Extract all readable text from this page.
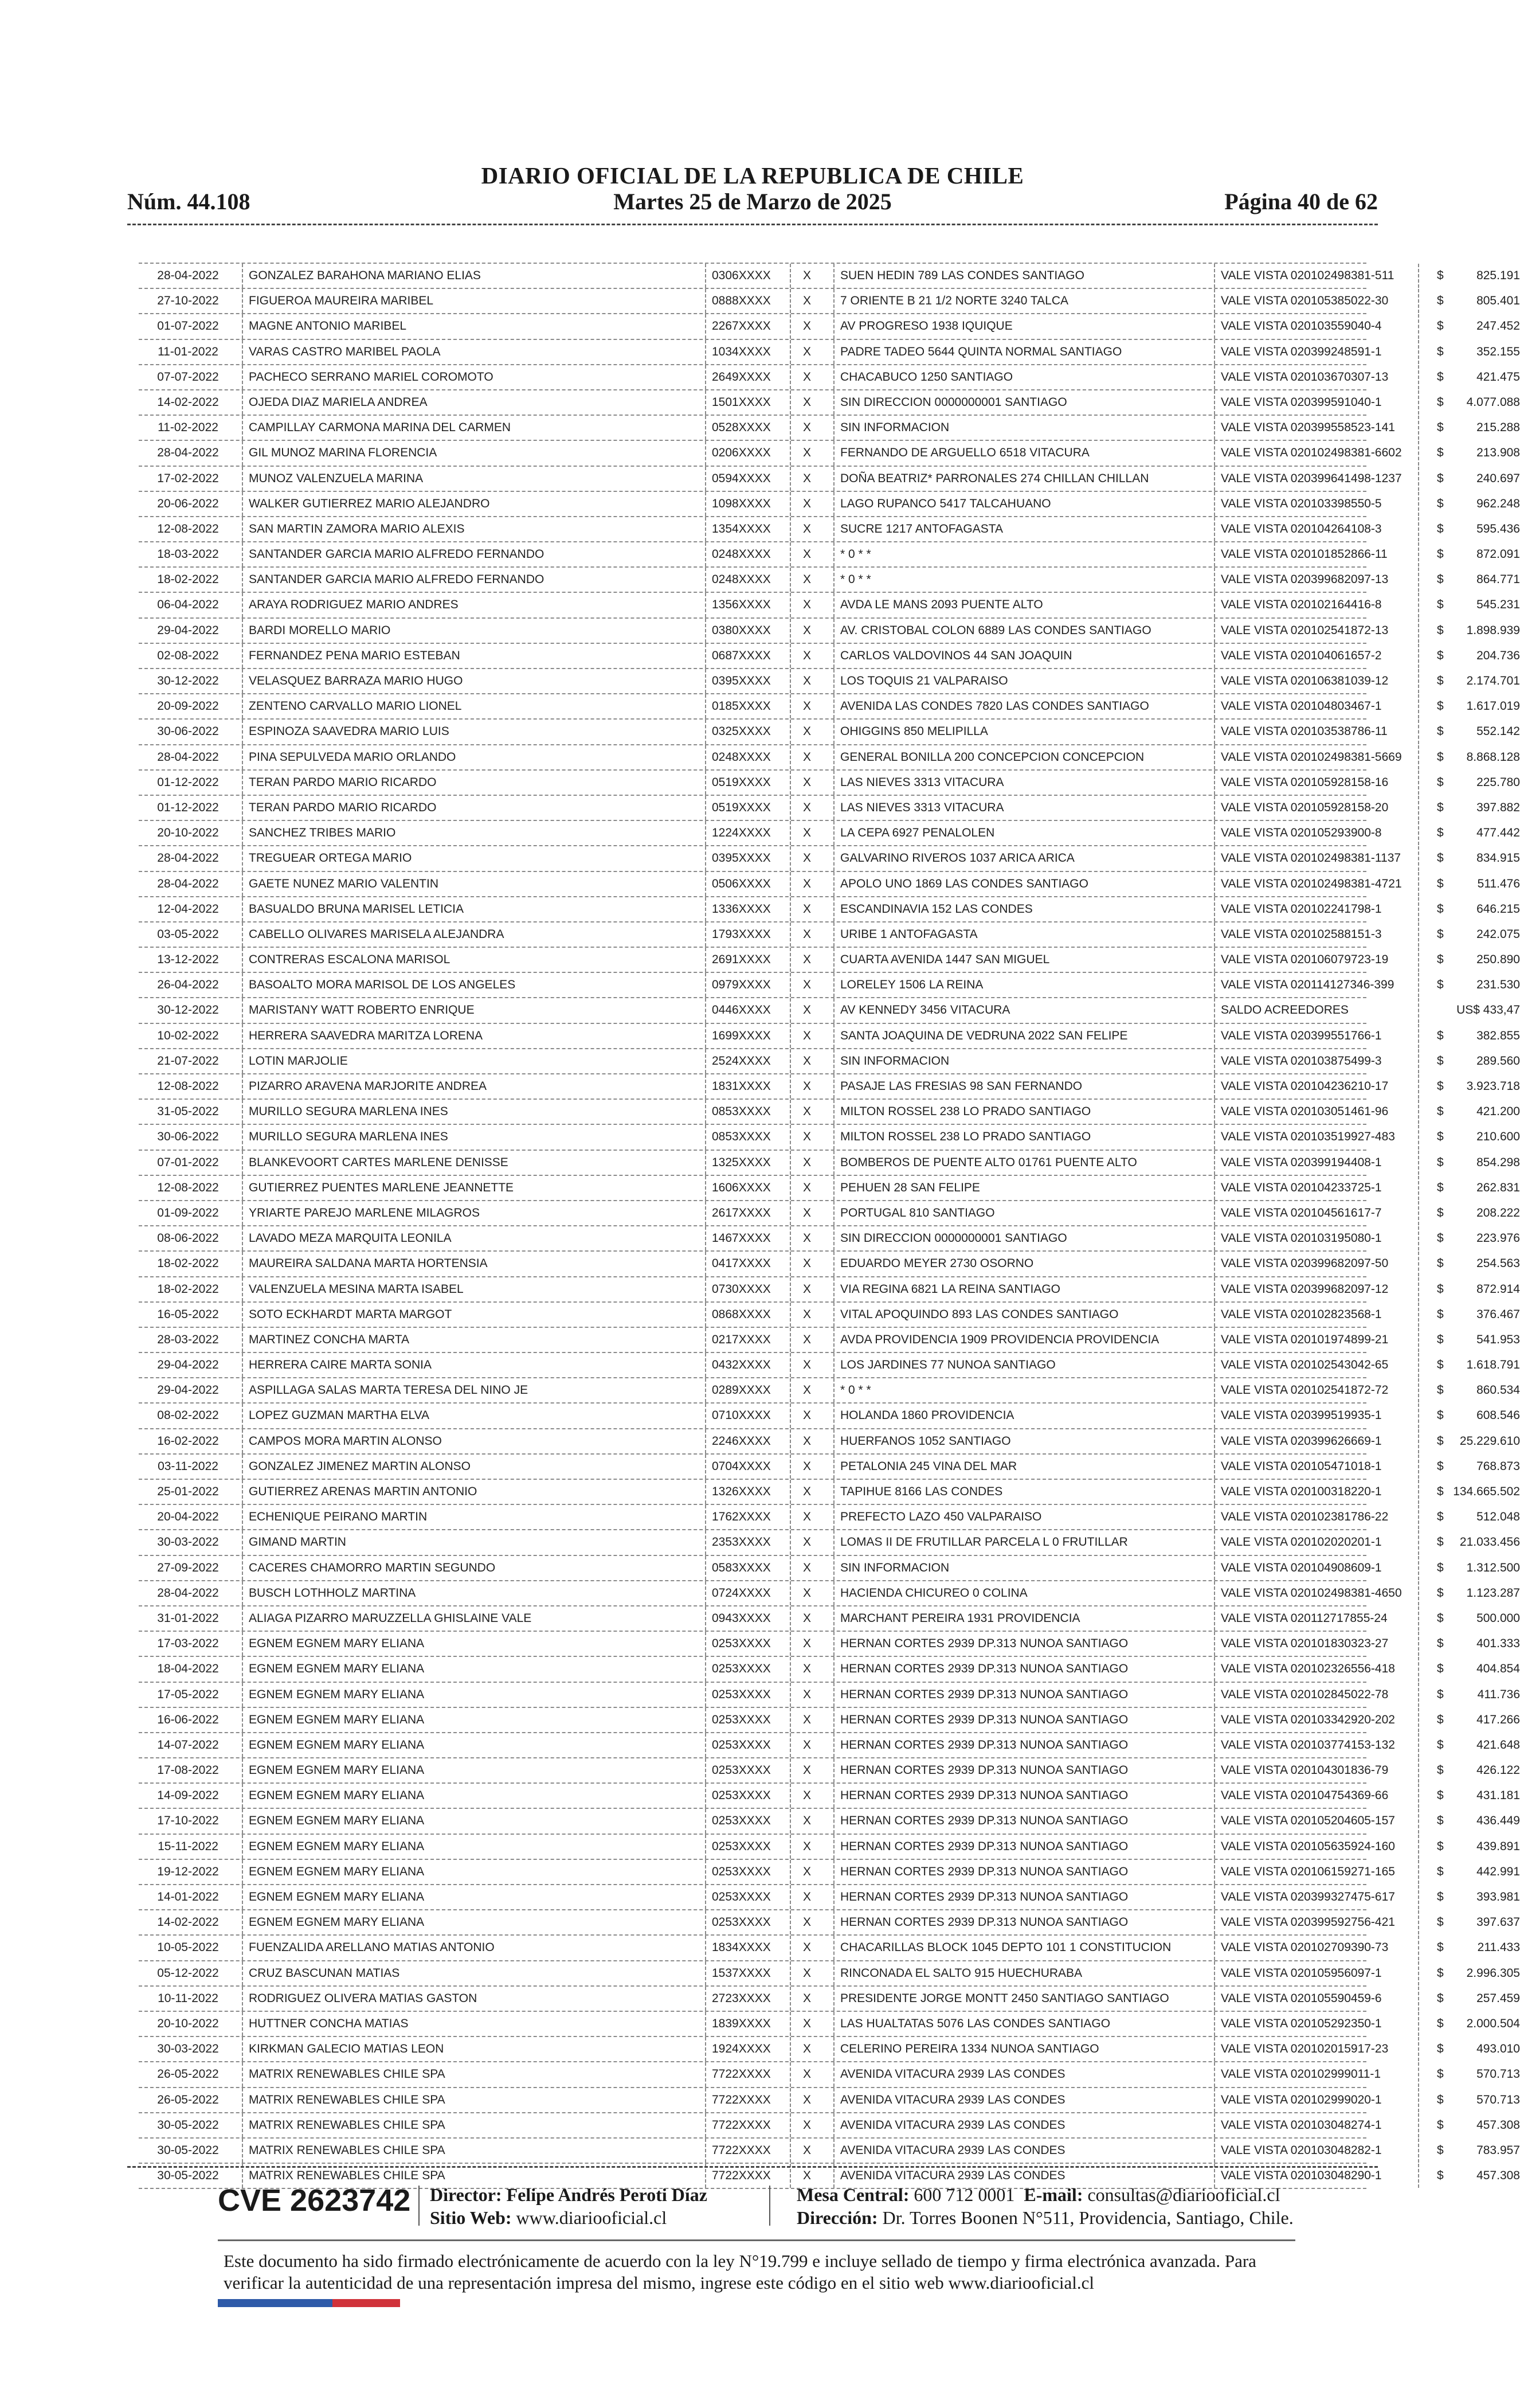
DIARIO OFICIAL DE LA REPUBLICA DE CHILE
Núm. 44.108	Martes 25 de Marzo de 2025	Página 40 de 62
28-04-2022	GONZALEZ BARAHONA MARIANO ELIAS	0306XXXX	X	SUEN HEDIN 789 LAS CONDES SANTIAGO	VALE VISTA 020102498381-511	$	825.191
27-10-2022	FIGUEROA MAUREIRA MARIBEL	0888XXXX	X	7 ORIENTE B 21 1/2 NORTE 3240 TALCA	VALE VISTA 020105385022-30	$	805.401
01-07-2022	MAGNE ANTONIO MARIBEL	2267XXXX	X	AV PROGRESO 1938 IQUIQUE	VALE VISTA 020103559040-4	$	247.452
11-01-2022	VARAS CASTRO MARIBEL PAOLA	1034XXXX	X	PADRE TADEO 5644 QUINTA NORMAL SANTIAGO	VALE VISTA 020399248591-1	$	352.155
07-07-2022	PACHECO SERRANO MARIEL COROMOTO	2649XXXX	X	CHACABUCO 1250 SANTIAGO	VALE VISTA 020103670307-13	$	421.475
14-02-2022	OJEDA DIAZ MARIELA ANDREA	1501XXXX	X	SIN DIRECCION 0000000001 SANTIAGO	VALE VISTA 020399591040-1	$	4.077.088
11-02-2022	CAMPILLAY CARMONA MARINA DEL CARMEN	0528XXXX	X	SIN INFORMACION	VALE VISTA 020399558523-141	$	215.288
28-04-2022	GIL MUNOZ MARINA FLORENCIA	0206XXXX	X	FERNANDO DE ARGUELLO 6518 VITACURA	VALE VISTA 020102498381-6602	$	213.908
17-02-2022	MUNOZ VALENZUELA MARINA	0594XXXX	X	DOÑA BEATRIZ* PARRONALES 274 CHILLAN CHILLAN	VALE VISTA 020399641498-1237	$	240.697
20-06-2022	WALKER GUTIERREZ MARIO ALEJANDRO	1098XXXX	X	LAGO RUPANCO 5417 TALCAHUANO	VALE VISTA 020103398550-5	$	962.248
12-08-2022	SAN MARTIN ZAMORA MARIO ALEXIS	1354XXXX	X	SUCRE 1217 ANTOFAGASTA	VALE VISTA 020104264108-3	$	595.436
18-03-2022	SANTANDER GARCIA MARIO ALFREDO FERNANDO	0248XXXX	X	* 0 * *	VALE VISTA 020101852866-11	$	872.091
18-02-2022	SANTANDER GARCIA MARIO ALFREDO FERNANDO	0248XXXX	X	* 0 * *	VALE VISTA 020399682097-13	$	864.771
06-04-2022	ARAYA RODRIGUEZ MARIO ANDRES	1356XXXX	X	AVDA LE MANS 2093 PUENTE ALTO	VALE VISTA 020102164416-8	$	545.231
29-04-2022	BARDI MORELLO MARIO	0380XXXX	X	AV. CRISTOBAL COLON 6889 LAS CONDES SANTIAGO	VALE VISTA 020102541872-13	$	1.898.939
02-08-2022	FERNANDEZ PENA MARIO ESTEBAN	0687XXXX	X	CARLOS VALDOVINOS 44 SAN JOAQUIN	VALE VISTA 020104061657-2	$	204.736
30-12-2022	VELASQUEZ BARRAZA MARIO HUGO	0395XXXX	X	LOS TOQUIS 21 VALPARAISO	VALE VISTA 020106381039-12	$	2.174.701
20-09-2022	ZENTENO CARVALLO MARIO LIONEL	0185XXXX	X	AVENIDA LAS CONDES 7820 LAS CONDES SANTIAGO	VALE VISTA 020104803467-1	$	1.617.019
30-06-2022	ESPINOZA SAAVEDRA MARIO LUIS	0325XXXX	X	OHIGGINS 850 MELIPILLA	VALE VISTA 020103538786-11	$	552.142
28-04-2022	PINA SEPULVEDA MARIO ORLANDO	0248XXXX	X	GENERAL BONILLA 200 CONCEPCION CONCEPCION	VALE VISTA 020102498381-5669	$	8.868.128
01-12-2022	TERAN PARDO MARIO RICARDO	0519XXXX	X	LAS NIEVES 3313 VITACURA	VALE VISTA 020105928158-16	$	225.780
01-12-2022	TERAN PARDO MARIO RICARDO	0519XXXX	X	LAS NIEVES 3313 VITACURA	VALE VISTA 020105928158-20	$	397.882
20-10-2022	SANCHEZ TRIBES MARIO	1224XXXX	X	LA CEPA 6927 PENALOLEN	VALE VISTA 020105293900-8	$	477.442
28-04-2022	TREGUEAR ORTEGA MARIO	0395XXXX	X	GALVARINO RIVEROS 1037 ARICA ARICA	VALE VISTA 020102498381-1137	$	834.915
28-04-2022	GAETE NUNEZ MARIO VALENTIN	0506XXXX	X	APOLO UNO 1869 LAS CONDES SANTIAGO	VALE VISTA 020102498381-4721	$	511.476
12-04-2022	BASUALDO BRUNA MARISEL LETICIA	1336XXXX	X	ESCANDINAVIA 152 LAS CONDES	VALE VISTA 020102241798-1	$	646.215
03-05-2022	CABELLO OLIVARES MARISELA ALEJANDRA	1793XXXX	X	URIBE 1 ANTOFAGASTA	VALE VISTA 020102588151-3	$	242.075
13-12-2022	CONTRERAS ESCALONA MARISOL	2691XXXX	X	CUARTA AVENIDA 1447 SAN MIGUEL	VALE VISTA 020106079723-19	$	250.890
26-04-2022	BASOALTO MORA MARISOL DE LOS ANGELES	0979XXXX	X	LORELEY 1506 LA REINA	VALE VISTA 020114127346-399	$	231.530
30-12-2022	MARISTANY WATT ROBERTO ENRIQUE	0446XXXX	X	AV KENNEDY 3456 VITACURA	SALDO ACREEDORES	US$ 433,47
10-02-2022	HERRERA SAAVEDRA MARITZA LORENA	1699XXXX	X	SANTA JOAQUINA DE VEDRUNA 2022 SAN FELIPE	VALE VISTA 020399551766-1	$	382.855
21-07-2022	LOTIN MARJOLIE	2524XXXX	X	SIN INFORMACION	VALE VISTA 020103875499-3	$	289.560
12-08-2022	PIZARRO ARAVENA MARJORITE ANDREA	1831XXXX	X	PASAJE LAS FRESIAS 98 SAN FERNANDO	VALE VISTA 020104236210-17	$	3.923.718
31-05-2022	MURILLO SEGURA MARLENA INES	0853XXXX	X	MILTON ROSSEL 238 LO PRADO SANTIAGO	VALE VISTA 020103051461-96	$	421.200
30-06-2022	MURILLO SEGURA MARLENA INES	0853XXXX	X	MILTON ROSSEL 238 LO PRADO SANTIAGO	VALE VISTA 020103519927-483	$	210.600
07-01-2022	BLANKEVOORT CARTES MARLENE DENISSE	1325XXXX	X	BOMBEROS DE PUENTE ALTO 01761 PUENTE ALTO	VALE VISTA 020399194408-1	$	854.298
12-08-2022	GUTIERREZ PUENTES MARLENE JEANNETTE	1606XXXX	X	PEHUEN 28 SAN FELIPE	VALE VISTA 020104233725-1	$	262.831
01-09-2022	YRIARTE PAREJO MARLENE MILAGROS	2617XXXX	X	PORTUGAL 810 SANTIAGO	VALE VISTA 020104561617-7	$	208.222
08-06-2022	LAVADO MEZA MARQUITA LEONILA	1467XXXX	X	SIN DIRECCION 0000000001 SANTIAGO	VALE VISTA 020103195080-1	$	223.976
18-02-2022	MAUREIRA SALDANA MARTA HORTENSIA	0417XXXX	X	EDUARDO MEYER 2730 OSORNO	VALE VISTA 020399682097-50	$	254.563
18-02-2022	VALENZUELA MESINA MARTA ISABEL	0730XXXX	X	VIA REGINA 6821 LA REINA SANTIAGO	VALE VISTA 020399682097-12	$	872.914
16-05-2022	SOTO ECKHARDT MARTA MARGOT	0868XXXX	X	VITAL APOQUINDO 893 LAS CONDES SANTIAGO	VALE VISTA 020102823568-1	$	376.467
28-03-2022	MARTINEZ CONCHA MARTA	0217XXXX	X	AVDA PROVIDENCIA 1909 PROVIDENCIA PROVIDENCIA	VALE VISTA 020101974899-21	$	541.953
29-04-2022	HERRERA CAIRE MARTA SONIA	0432XXXX	X	LOS JARDINES 77 NUNOA SANTIAGO	VALE VISTA 020102543042-65	$	1.618.791
29-04-2022	ASPILLAGA SALAS MARTA TERESA DEL NINO JE	0289XXXX	X	* 0 * *	VALE VISTA 020102541872-72	$	860.534
08-02-2022	LOPEZ GUZMAN MARTHA ELVA	0710XXXX	X	HOLANDA 1860 PROVIDENCIA	VALE VISTA 020399519935-1	$	608.546
16-02-2022	CAMPOS MORA MARTIN ALONSO	2246XXXX	X	HUERFANOS 1052 SANTIAGO	VALE VISTA 020399626669-1	$	25.229.610
03-11-2022	GONZALEZ JIMENEZ MARTIN ALONSO	0704XXXX	X	PETALONIA 245 VINA DEL MAR	VALE VISTA 020105471018-1	$	768.873
25-01-2022	GUTIERREZ ARENAS MARTIN ANTONIO	1326XXXX	X	TAPIHUE 8166 LAS CONDES	VALE VISTA 020100318220-1	$ 134.665.502
20-04-2022	ECHENIQUE PEIRANO MARTIN	1762XXXX	X	PREFECTO LAZO 450 VALPARAISO	VALE VISTA 020102381786-22	$	512.048
30-03-2022	GIMAND MARTIN	2353XXXX	X	LOMAS II DE FRUTILLAR PARCELA L 0 FRUTILLAR	VALE VISTA 020102020201-1	$	21.033.456
27-09-2022	CACERES CHAMORRO MARTIN SEGUNDO	0583XXXX	X	SIN INFORMACION	VALE VISTA 020104908609-1	$	1.312.500
28-04-2022	BUSCH LOTHHOLZ MARTINA	0724XXXX	X	HACIENDA CHICUREO 0 COLINA	VALE VISTA 020102498381-4650	$	1.123.287
31-01-2022	ALIAGA PIZARRO MARUZZELLA GHISLAINE VALE	0943XXXX	X	MARCHANT PEREIRA 1931 PROVIDENCIA	VALE VISTA 020112717855-24	$	500.000
17-03-2022	EGNEM EGNEM MARY ELIANA	0253XXXX	X	HERNAN CORTES 2939 DP.313 NUNOA SANTIAGO	VALE VISTA 020101830323-27	$	401.333
18-04-2022	EGNEM EGNEM MARY ELIANA	0253XXXX	X	HERNAN CORTES 2939 DP.313 NUNOA SANTIAGO	VALE VISTA 020102326556-418	$	404.854
17-05-2022	EGNEM EGNEM MARY ELIANA	0253XXXX	X	HERNAN CORTES 2939 DP.313 NUNOA SANTIAGO	VALE VISTA 020102845022-78	$	411.736
16-06-2022	EGNEM EGNEM MARY ELIANA	0253XXXX	X	HERNAN CORTES 2939 DP.313 NUNOA SANTIAGO	VALE VISTA 020103342920-202	$	417.266
14-07-2022	EGNEM EGNEM MARY ELIANA	0253XXXX	X	HERNAN CORTES 2939 DP.313 NUNOA SANTIAGO	VALE VISTA 020103774153-132	$	421.648
17-08-2022	EGNEM EGNEM MARY ELIANA	0253XXXX	X	HERNAN CORTES 2939 DP.313 NUNOA SANTIAGO	VALE VISTA 020104301836-79	$	426.122
14-09-2022	EGNEM EGNEM MARY ELIANA	0253XXXX	X	HERNAN CORTES 2939 DP.313 NUNOA SANTIAGO	VALE VISTA 020104754369-66	$	431.181
17-10-2022	EGNEM EGNEM MARY ELIANA	0253XXXX	X	HERNAN CORTES 2939 DP.313 NUNOA SANTIAGO	VALE VISTA 020105204605-157	$	436.449
15-11-2022	EGNEM EGNEM MARY ELIANA	0253XXXX	X	HERNAN CORTES 2939 DP.313 NUNOA SANTIAGO	VALE VISTA 020105635924-160	$	439.891
19-12-2022	EGNEM EGNEM MARY ELIANA	0253XXXX	X	HERNAN CORTES 2939 DP.313 NUNOA SANTIAGO	VALE VISTA 020106159271-165	$	442.991
14-01-2022	EGNEM EGNEM MARY ELIANA	0253XXXX	X	HERNAN CORTES 2939 DP.313 NUNOA SANTIAGO	VALE VISTA 020399327475-617	$	393.981
14-02-2022	EGNEM EGNEM MARY ELIANA	0253XXXX	X	HERNAN CORTES 2939 DP.313 NUNOA SANTIAGO	VALE VISTA 020399592756-421	$	397.637
10-05-2022	FUENZALIDA ARELLANO MATIAS ANTONIO	1834XXXX	X	CHACARILLAS BLOCK 1045 DEPTO 101 1 CONSTITUCION	VALE VISTA 020102709390-73	$	211.433
05-12-2022	CRUZ BASCUNAN MATIAS	1537XXXX	X	RINCONADA EL SALTO 915 HUECHURABA	VALE VISTA 020105956097-1	$	2.996.305
10-11-2022	RODRIGUEZ OLIVERA MATIAS GASTON	2723XXXX	X	PRESIDENTE JORGE MONTT 2450 SANTIAGO SANTIAGO	VALE VISTA 020105590459-6	$	257.459
20-10-2022	HUTTNER CONCHA MATIAS	1839XXXX	X	LAS HUALTATAS 5076 LAS CONDES SANTIAGO	VALE VISTA 020105292350-1	$	2.000.504
30-03-2022	KIRKMAN GALECIO MATIAS LEON	1924XXXX	X	CELERINO PEREIRA 1334 NUNOA SANTIAGO	VALE VISTA 020102015917-23	$	493.010
26-05-2022	MATRIX RENEWABLES CHILE SPA	7722XXXX	X	AVENIDA VITACURA 2939 LAS CONDES	VALE VISTA 020102999011-1	$	570.713
26-05-2022	MATRIX RENEWABLES CHILE SPA	7722XXXX	X	AVENIDA VITACURA 2939 LAS CONDES	VALE VISTA 020102999020-1	$	570.713
30-05-2022	MATRIX RENEWABLES CHILE SPA	7722XXXX	X	AVENIDA VITACURA 2939 LAS CONDES	VALE VISTA 020103048274-1	$	457.308
30-05-2022	MATRIX RENEWABLES CHILE SPA	7722XXXX	X	AVENIDA VITACURA 2939 LAS CONDES	VALE VISTA 020103048282-1	$	783.957
30-05-2022	MATRIX RENEWABLES CHILE SPA	7722XXXX	X	AVENIDA VITACURA 2939 LAS CONDES	VALE VISTA 020103048290-1	$	457.308
CVE 2623742 Director: Felipe Andrés Peroti Díaz
Sitio Web: www.diariooficial.cl
Mesa Central: 600 712 0001 E-mail: consultas@diariooficial.cl
Dirección: Dr. Torres Boonen N°511, Providencia, Santiago, Chile.
Este documento ha sido firmado electrónicamente de acuerdo con la ley N°19.799 e incluye sellado de tiempo y firma electrónica avanzada. Para verificar la autenticidad de una representación impresa del mismo, ingrese este código en el sitio web www.diariooficial.cl
